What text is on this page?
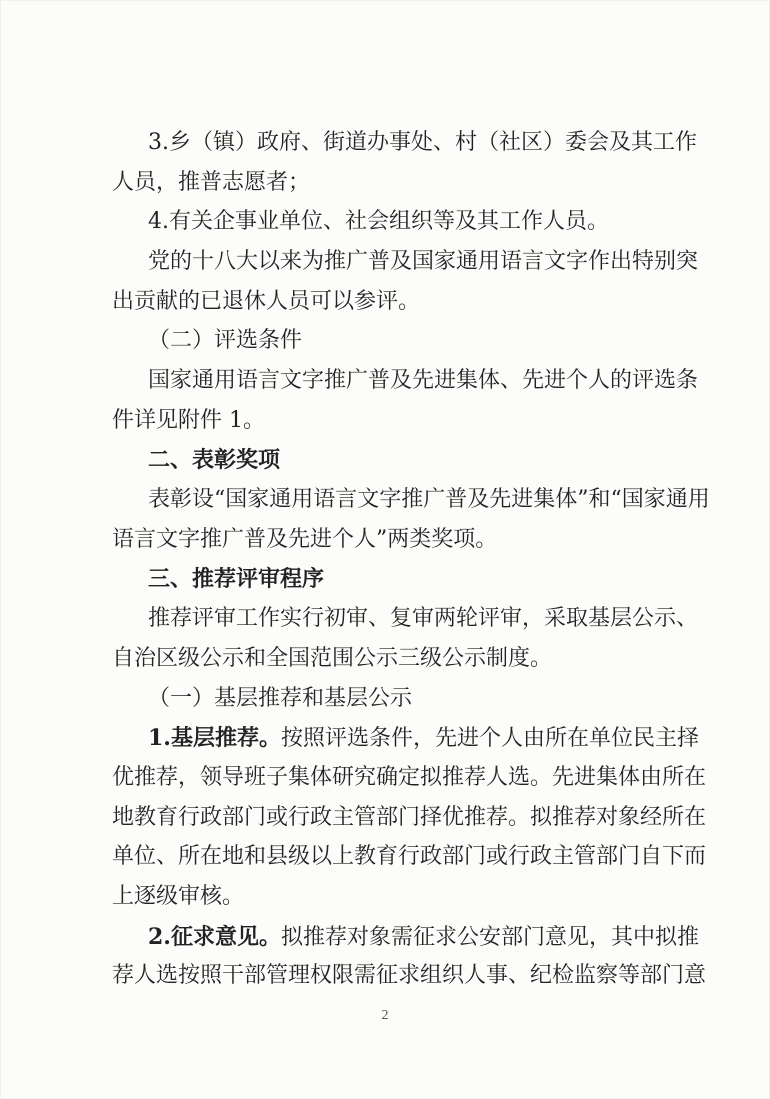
3.乡（镇）政府、街道办事处、村（社区）委会及其工作
人员，推普志愿者；
4.有关企事业单位、社会组织等及其工作人员。
党的十八大以来为推广普及国家通用语言文字作出特别突
出贡献的已退休人员可以参评。
（二）评选条件
国家通用语言文字推广普及先进集体、先进个人的评选条
件详见附件 1。
二、表彰奖项
表彰设“国家通用语言文字推广普及先进集体”和“国家通用
语言文字推广普及先进个人”两类奖项。
三、推荐评审程序
推荐评审工作实行初审、复审两轮评审，采取基层公示、
自治区级公示和全国范围公示三级公示制度。
（一）基层推荐和基层公示
1.基层推荐。按照评选条件，先进个人由所在单位民主择
优推荐，领导班子集体研究确定拟推荐人选。先进集体由所在
地教育行政部门或行政主管部门择优推荐。拟推荐对象经所在
单位、所在地和县级以上教育行政部门或行政主管部门自下而
上逐级审核。
2.征求意见。拟推荐对象需征求公安部门意见，其中拟推
荐人选按照干部管理权限需征求组织人事、纪检监察等部门意
2
